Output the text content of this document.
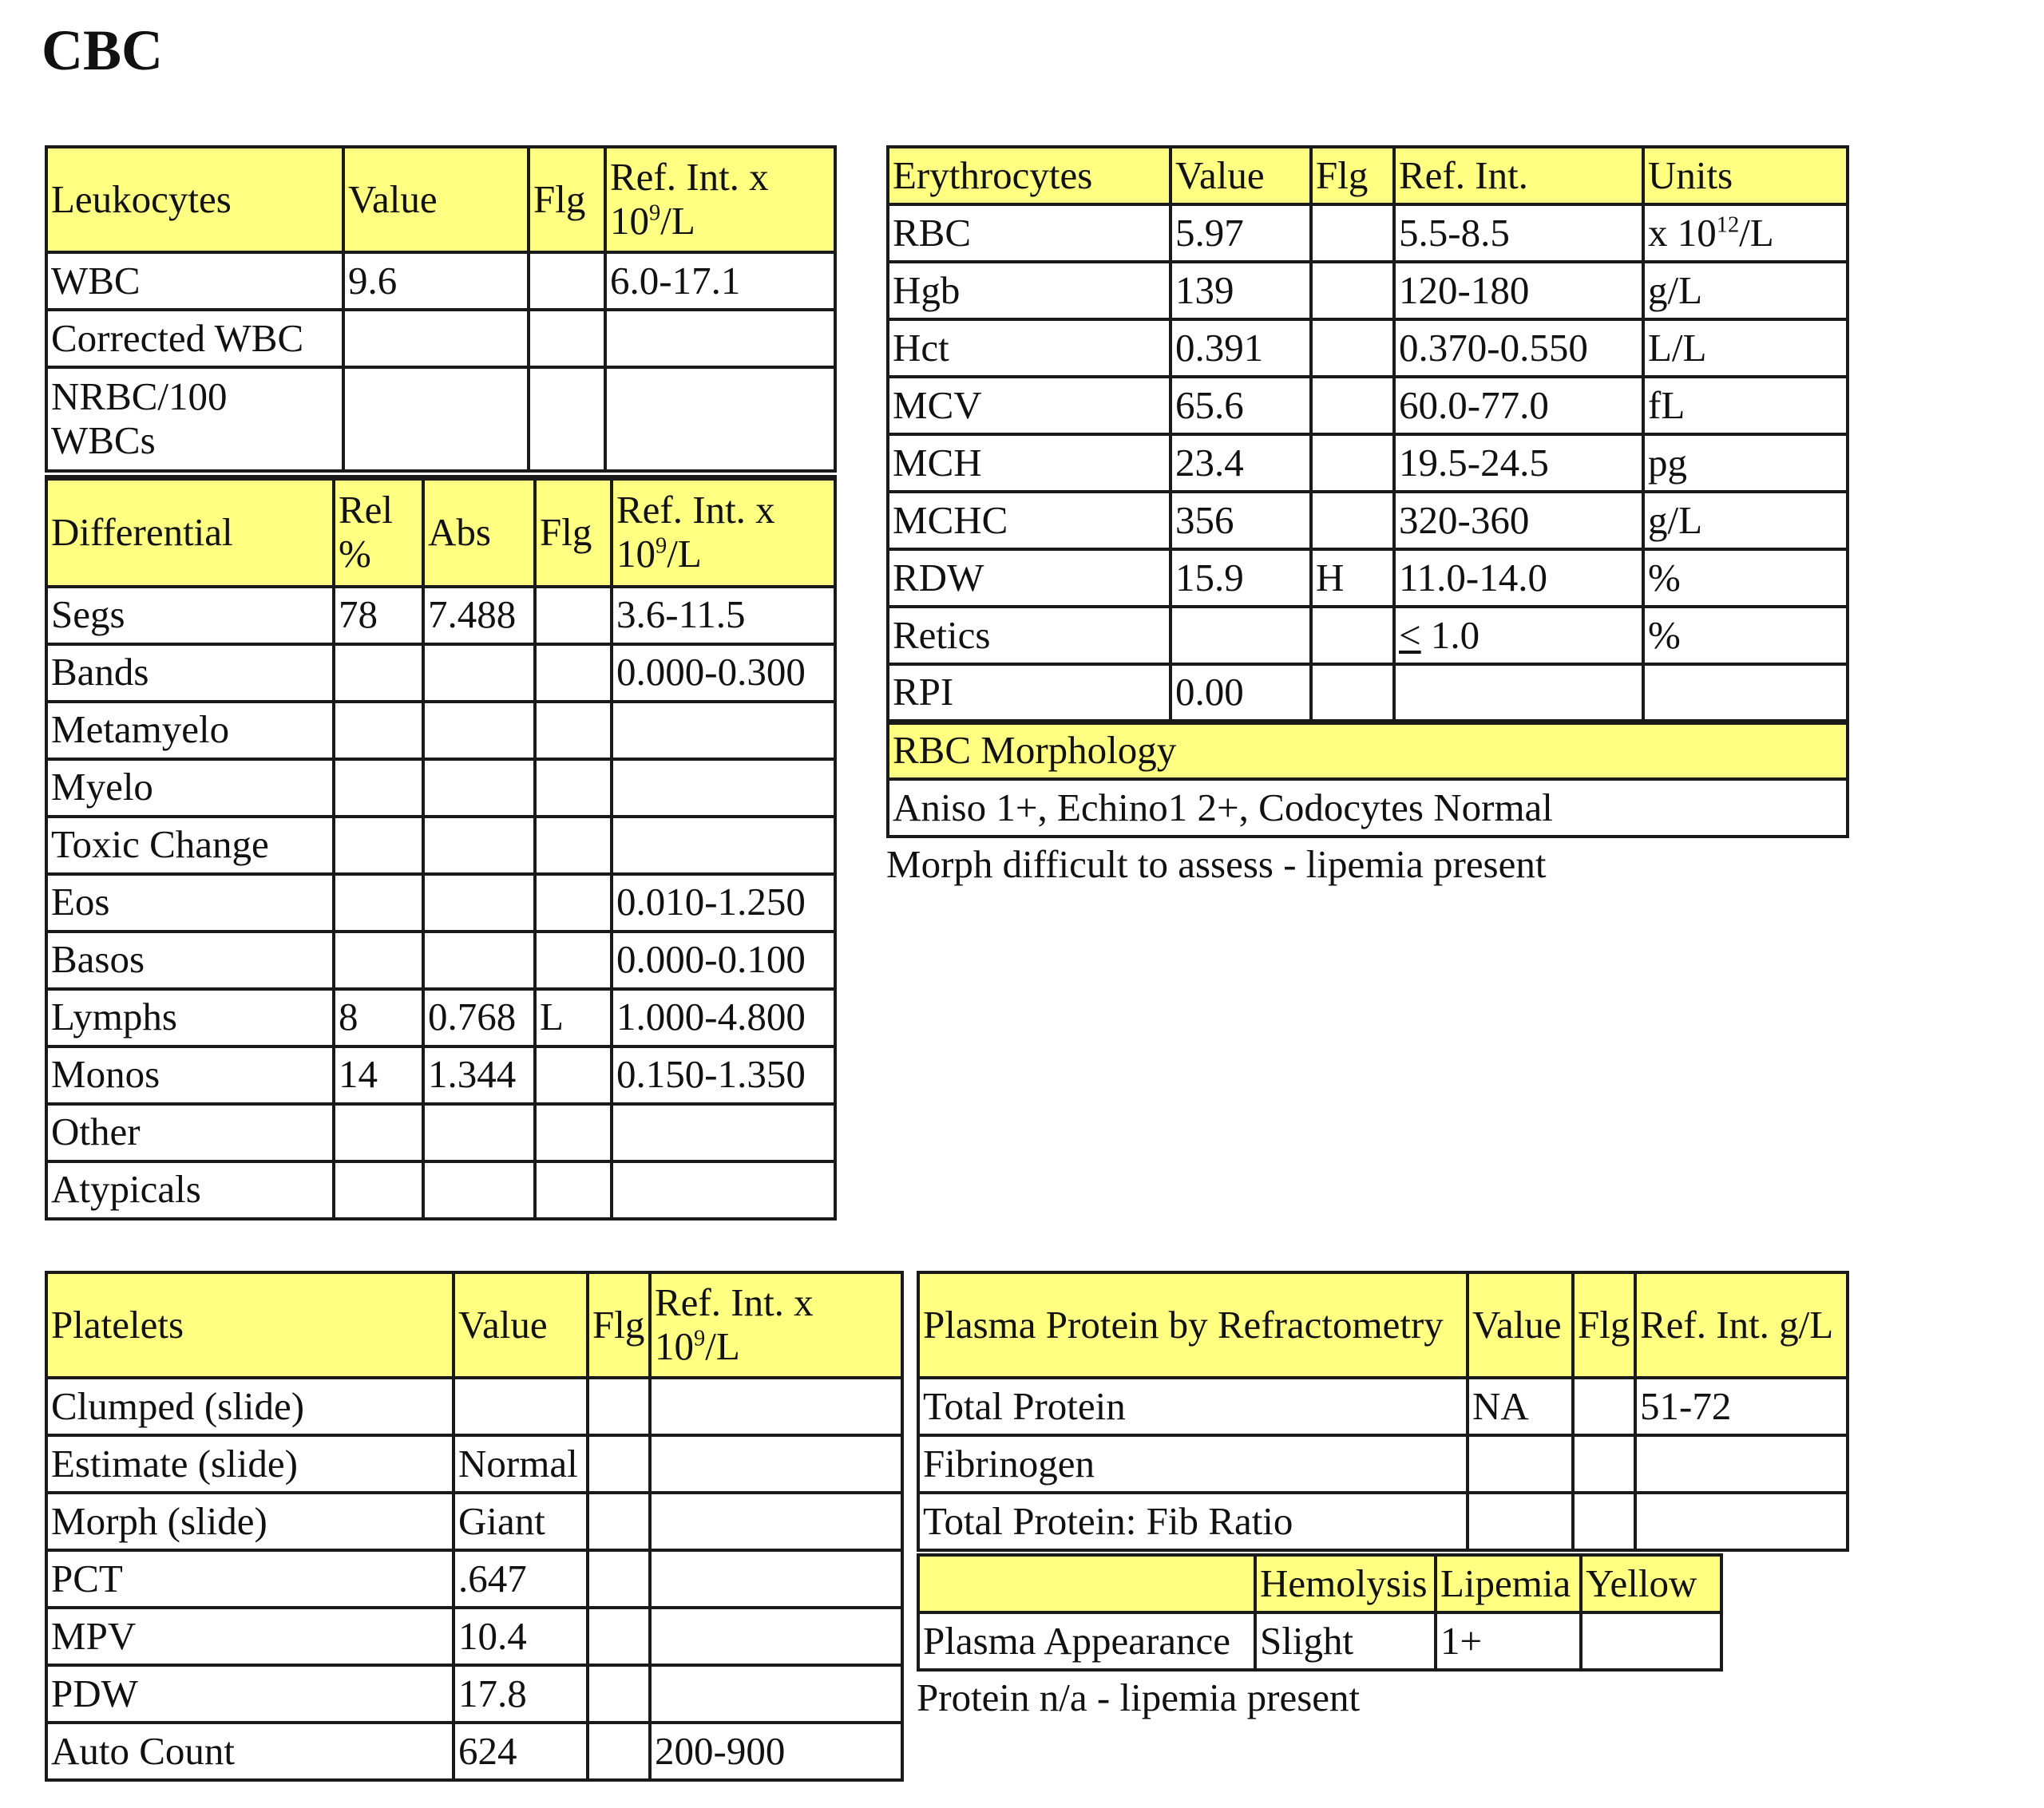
CBC
Leukocytes	Value	Flg	Ref. Int. x $10^9/L$
WBC	9.6		6.0-17.1
Corrected WBC			
NRBC/100 WBCs			
Differential	Rel %	Abs	Flg	Ref. Int. x $10^9/L$
Segs	78	7.488		3.6-11.5
Bands				0.000-0.300
Metamyelo				
Myelo				
Toxic Change				
Eos				0.010-1.250
Basos				0.000-0.100
Lymphs	8	0.768	L	1.000-4.800
Monos	14	1.344		0.150-1.350
Other				
Atypicals				
Erythrocytes	Value	Flg	Ref. Int.	Units
RBC	5.97		5.5-8.5	x $10^{12}/L$
Hgb	139		120-180	g/L
Hct	0.391		0.370-0.550	L/L
MCV	65.6		60.0-77.0	fL
MCH	23.4		19.5-24.5	pg
MCHC	356		320-360	g/L
RDW	15.9	H	11.0-14.0	%
Retics			≤ 1.0	%
RPI	0.00			
RBC Morphology				
Aniso 1+, Echino1 2+, Codocytes Normal				

Morph difficult to assess - lipemia present

Platelets	Value	Flg	Ref. Int. x $10^9/L$
Clumped (slide)			
Estimate (slide)	Normal		
Morph (slide)	Giant		
PCT	.647		
MPV	10.4		
PDW	17.8		
Auto Count	624		200-900
Plasma Protein by Refractometry	Value	Flg	Ref. Int. g/L
Total Protein	NA		51-72
Fibrinogen			
Total Protein: Fib Ratio			
	Hemolysis	Lipemia	Yellow
Plasma Appearance	Slight	1+	

Protein n/a - lipemia present
